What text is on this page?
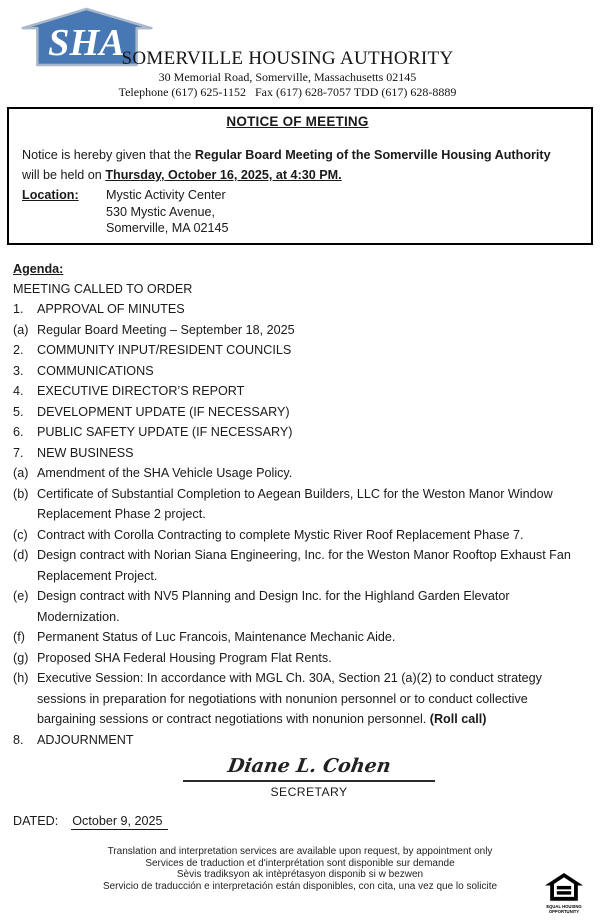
SHA
SOMERVILLE HOUSING AUTHORITY
30 Memorial Road, Somerville, Massachusetts 02145
Telephone (617) 625-1152   Fax (617) 628-7057 TDD (617) 628-8889
NOTICE OF MEETING

Notice is hereby given that the Regular Board Meeting of the Somerville Housing Authority
will be held on Thursday, October 16, 2025, at 4:30 PM.

Location:	Mystic Activity Center
530 Mystic Avenue,
Somerville, MA 02145
Agenda:
MEETING CALLED TO ORDER
1. APPROVAL OF MINUTES
(a) Regular Board Meeting – September 18, 2025
2. COMMUNITY INPUT/RESIDENT COUNCILS
3. COMMUNICATIONS
4. EXECUTIVE DIRECTOR’S REPORT
5. DEVELOPMENT UPDATE (IF NECESSARY)
6. PUBLIC SAFETY UPDATE (IF NECESSARY)
7. NEW BUSINESS
(a) Amendment of the SHA Vehicle Usage Policy.
(b) Certificate of Substantial Completion to Aegean Builders, LLC for the Weston Manor Window Replacement Phase 2 project.
(c) Contract with Corolla Contracting to complete Mystic River Roof Replacement Phase 7.
(d) Design contract with Norian Siana Engineering, Inc. for the Weston Manor Rooftop Exhaust Fan Replacement Project.
(e) Design contract with NV5 Planning and Design Inc. for the Highland Garden Elevator Modernization.
(f) Permanent Status of Luc Francois, Maintenance Mechanic Aide.
(g) Proposed SHA Federal Housing Program Flat Rents.
(h) Executive Session: In accordance with MGL Ch. 30A, Section 21 (a)(2) to conduct strategy sessions in preparation for negotiations with nonunion personnel or to conduct collective bargaining sessions or contract negotiations with nonunion personnel. (Roll call)
8. ADJOURNMENT
Diane L. Cohen
SECRETARY
DATED: October 9, 2025
Translation and interpretation services are available upon request, by appointment only
Services de traduction et d'interprétation sont disponible sur demande
Sèvis tradiksyon ak intèprétasyon disponib si w bezwen
Servicio de traducción e interpretación están disponibles, con cita, una vez que lo solicite
EQUAL HOUSING
OPPORTUNITY
